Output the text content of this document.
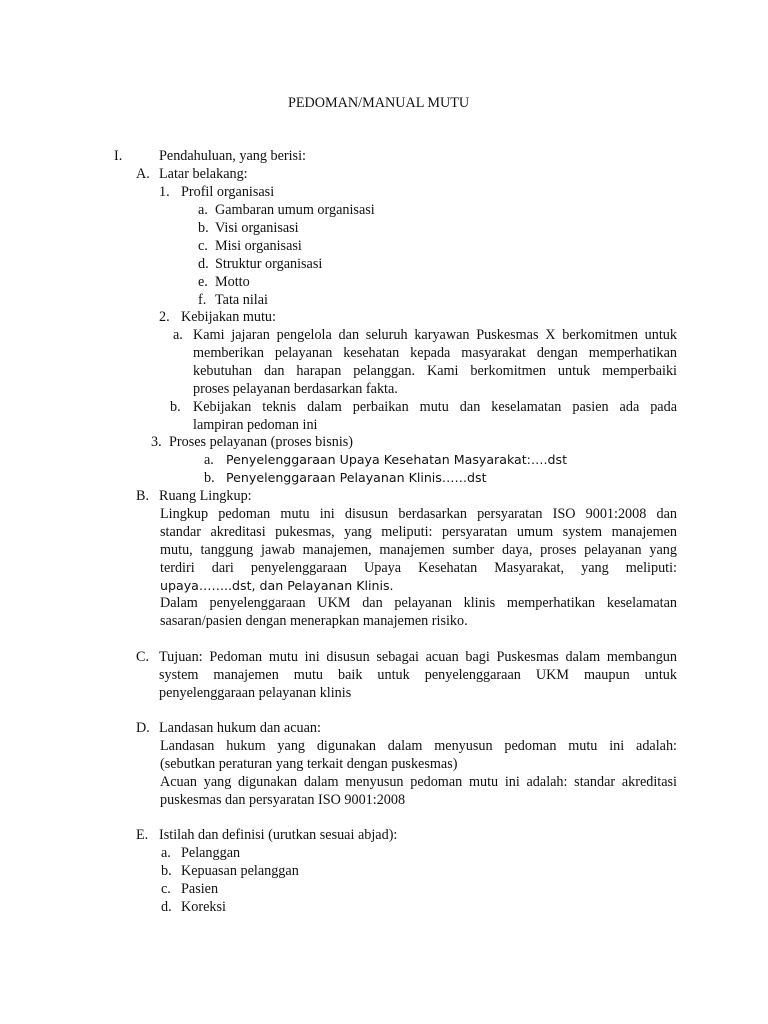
PEDOMAN/MANUAL MUTU
I.	Pendahuluan, yang berisi:
A. Latar belakang:
1. Profil organisasi
a. Gambaran umum organisasi
b. Visi organisasi
c. Misi organisasi
d. Struktur organisasi
e. Motto
f. Tata nilai
2. Kebijakan mutu:
a. Kami jajaran pengelola dan seluruh karyawan Puskesmas X berkomitmen untuk
memberikan pelayanan kesehatan kepada masyarakat dengan memperhatikan
kebutuhan dan harapan pelanggan. Kami berkomitmen untuk memperbaiki
proses pelayanan berdasarkan fakta.
b. Kebijakan teknis dalam perbaikan mutu dan keselamatan pasien ada pada
lampiran pedoman ini
3. Proses pelayanan (proses bisnis)
a. Penyelenggaraan Upaya Kesehatan Masyarakat:….dst
b. Penyelenggaraan Pelayanan Klinis……dst
B. Ruang Lingkup:
Lingkup pedoman mutu ini disusun berdasarkan persyaratan ISO 9001:2008 dan
standar akreditasi pukesmas, yang meliputi: persyaratan umum system manajemen
mutu, tanggung jawab manajemen, manajemen sumber daya, proses pelayanan yang
terdiri dari penyelenggaraan Upaya Kesehatan Masyarakat, yang meliputi:
upaya……..dst, dan Pelayanan Klinis.
Dalam penyelenggaraan UKM dan pelayanan klinis memperhatikan keselamatan
sasaran/pasien dengan menerapkan manajemen risiko.
C. Tujuan: Pedoman mutu ini disusun sebagai acuan bagi Puskesmas dalam membangun
system manajemen mutu baik untuk penyelenggaraan UKM maupun untuk
penyelenggaraan pelayanan klinis
D. Landasan hukum dan acuan:
Landasan hukum yang digunakan dalam menyusun pedoman mutu ini adalah:
(sebutkan peraturan yang terkait dengan puskesmas)
Acuan yang digunakan dalam menyusun pedoman mutu ini adalah: standar akreditasi
puskesmas dan persyaratan ISO 9001:2008
E. Istilah dan definisi (urutkan sesuai abjad):
a. Pelanggan
b. Kepuasan pelanggan
c. Pasien
d. Koreksi
